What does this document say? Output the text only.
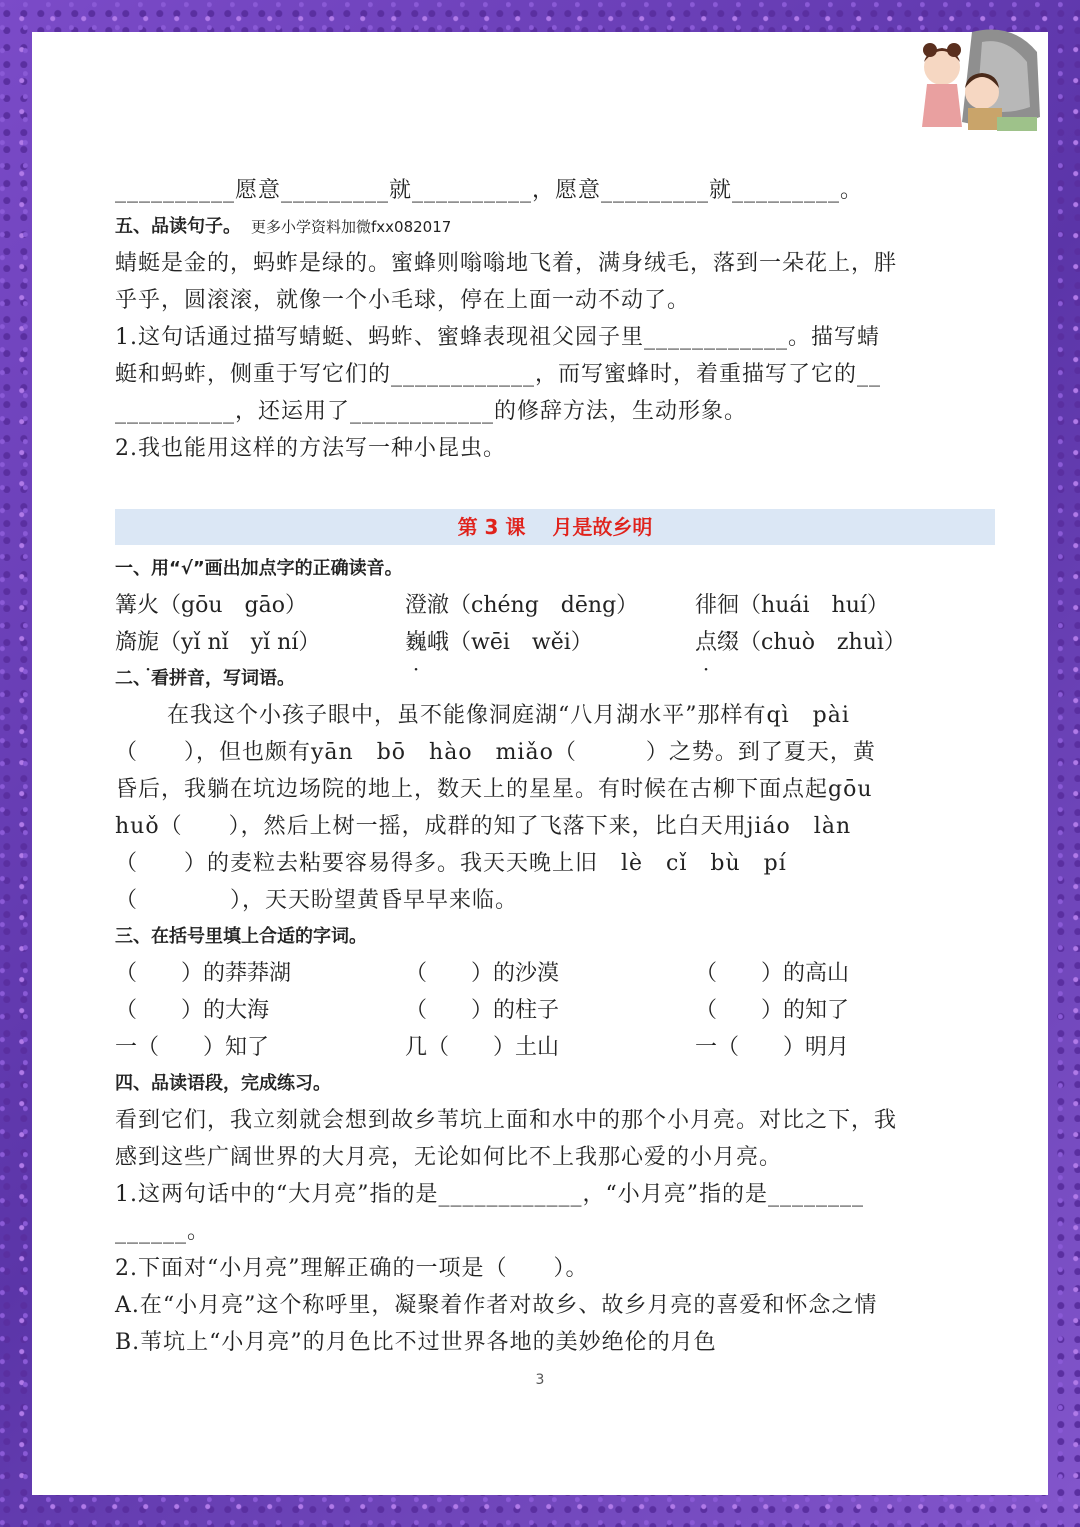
__________愿意_________就__________，愿意_________就_________。
五、品读句子。 更多小学资料加微fxx082017
蜻蜓是金的，蚂蚱是绿的。蜜蜂则嗡嗡地飞着，满身绒毛，落到一朵花上，胖
乎乎，圆滚滚，就像一个小毛球，停在上面一动不动了。
1.这句话通过描写蜻蜓、蚂蚱、蜜蜂表现祖父园子里____________。描写蜻
蜓和蚂蚱，侧重于写它们的____________，而写蜜蜂时，着重描写了它的__
__________，还运用了____________的修辞方法，生动形象。
2.我也能用这样的方法写一种小昆虫。
第 3 课　 月是故乡明
一、用“√”画出加点字的正确读音。
篝火（gōu　gāo）	澄澈（chéng　dēng）	徘徊（huái　huí）
旖旎（yǐ nǐ　yǐ ní）	巍峨（wēi　wěi）	点缀（chuò　zhuì）
二、看拼音，写词语。
在我这个小孩子眼中，虽不能像洞庭湖“八月湖水平”那样有qì　pài
（　　），但也颇有yān　bō　hào　miǎo（　　　）之势。到了夏天，黄
昏后，我躺在坑边场院的地上，数天上的星星。有时候在古柳下面点起gōu
huǒ（　　），然后上树一摇，成群的知了飞落下来，比白天用jiáo　làn
（　　）的麦粒去粘要容易得多。我天天晚上旧　lè　cǐ　bù　pí
（　　　　），天天盼望黄昏早早来临。
三、在括号里填上合适的字词。
（　　）的莽莽湖	（　　）的沙漠	（　　）的高山
（　　）的大海	（　　）的柱子	（　　）的知了
一（　　）知了	几（　　）土山	一（　　）明月
四、品读语段，完成练习。
看到它们，我立刻就会想到故乡苇坑上面和水中的那个小月亮。对比之下，我
感到这些广阔世界的大月亮，无论如何比不上我那心爱的小月亮。
1.这两句话中的“大月亮”指的是____________，“小月亮”指的是________
______。
2.下面对“小月亮”理解正确的一项是（　　）。
A.在“小月亮”这个称呼里，凝聚着作者对故乡、故乡月亮的喜爱和怀念之情
B.苇坑上“小月亮”的月色比不过世界各地的美妙绝伦的月色
3
